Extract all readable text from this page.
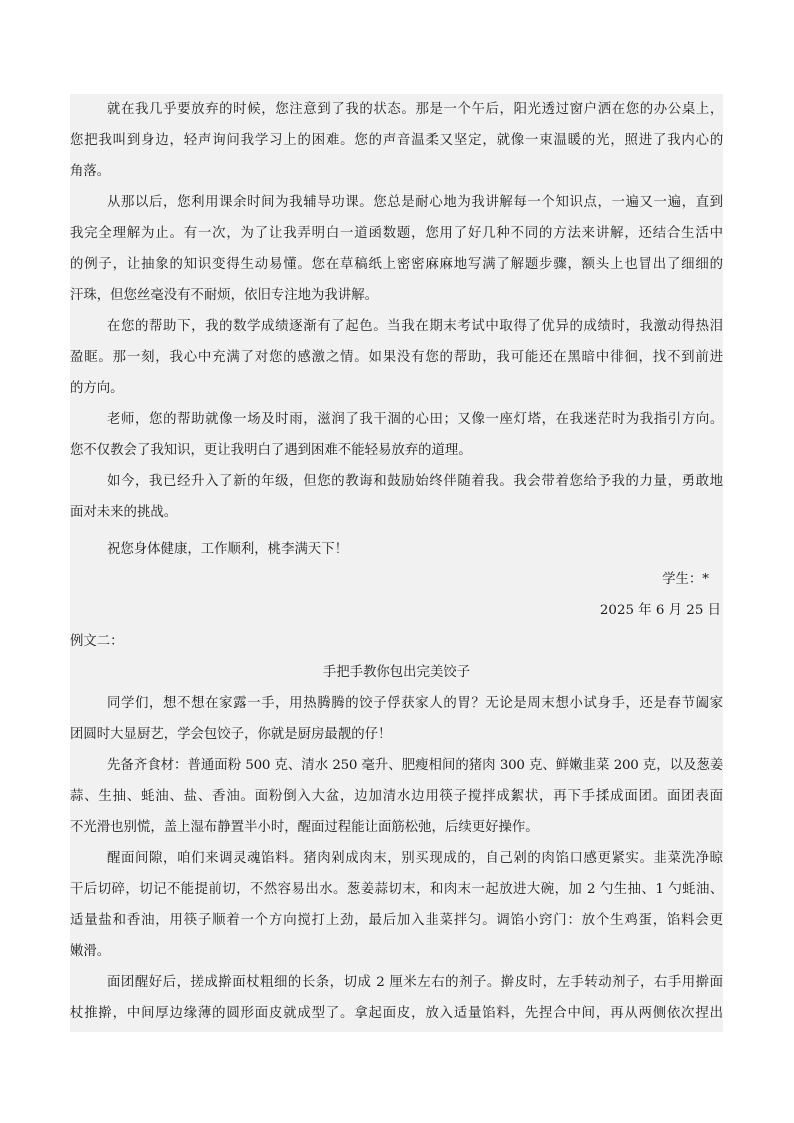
就在我几乎要放弃的时候，您注意到了我的状态。那是一个午后，阳光透过窗户洒在您的办公桌上，
您把我叫到身边，轻声询问我学习上的困难。您的声音温柔又坚定，就像一束温暖的光，照进了我内心的
角落。
从那以后，您利用课余时间为我辅导功课。您总是耐心地为我讲解每一个知识点，一遍又一遍，直到
我完全理解为止。有一次，为了让我弄明白一道函数题，您用了好几种不同的方法来讲解，还结合生活中
的例子，让抽象的知识变得生动易懂。您在草稿纸上密密麻麻地写满了解题步骤，额头上也冒出了细细的
汗珠，但您丝毫没有不耐烦，依旧专注地为我讲解。
在您的帮助下，我的数学成绩逐渐有了起色。当我在期末考试中取得了优异的成绩时，我激动得热泪
盈眶。那一刻，我心中充满了对您的感激之情。如果没有您的帮助，我可能还在黑暗中徘徊，找不到前进
的方向。
老师，您的帮助就像一场及时雨，滋润了我干涸的心田；又像一座灯塔，在我迷茫时为我指引方向。
您不仅教会了我知识，更让我明白了遇到困难不能轻易放弃的道理。
如今，我已经升入了新的年级，但您的教诲和鼓励始终伴随着我。我会带着您给予我的力量，勇敢地
面对未来的挑战。
祝您身体健康，工作顺利，桃李满天下！
学生：*
2025 年 6 月 25 日
例文二：
手把手教你包出完美饺子
同学们，想不想在家露一手，用热腾腾的饺子俘获家人的胃？无论是周末想小试身手，还是春节阖家
团圆时大显厨艺，学会包饺子，你就是厨房最靓的仔！
先备齐食材：普通面粉 500 克、清水 250 毫升、肥瘦相间的猪肉 300 克、鲜嫩韭菜 200 克，以及葱姜
蒜、生抽、蚝油、盐、香油。面粉倒入大盆，边加清水边用筷子搅拌成絮状，再下手揉成面团。面团表面
不光滑也别慌，盖上湿布静置半小时，醒面过程能让面筋松弛，后续更好操作。
醒面间隙，咱们来调灵魂馅料。猪肉剁成肉末，别买现成的，自己剁的肉馅口感更紧实。韭菜洗净晾
干后切碎，切记不能提前切，不然容易出水。葱姜蒜切末，和肉末一起放进大碗，加 2 勺生抽、1 勺蚝油、
适量盐和香油，用筷子顺着一个方向搅打上劲，最后加入韭菜拌匀。调馅小窍门：放个生鸡蛋，馅料会更
嫩滑。
面团醒好后，搓成擀面杖粗细的长条，切成 2 厘米左右的剂子。擀皮时，左手转动剂子，右手用擀面
杖推擀，中间厚边缘薄的圆形面皮就成型了。拿起面皮，放入适量馅料，先捏合中间，再从两侧依次捏出
